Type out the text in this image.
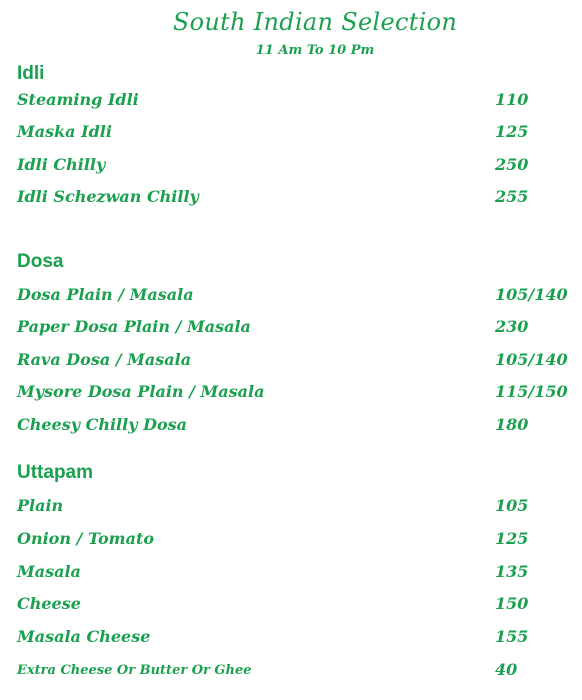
South Indian Selection
11 Am To 10 Pm
Idli
Steaming Idli	110
Maska Idli	125
Idli Chilly	250
Idli Schezwan Chilly	255
Dosa
Dosa Plain / Masala	105/140
Paper Dosa Plain / Masala	230
Rava Dosa / Masala	105/140
Mysore Dosa Plain / Masala	115/150
Cheesy Chilly Dosa	180
Uttapam
Plain	105
Onion / Tomato	125
Masala	135
Cheese	150
Masala Cheese	155
Extra Cheese Or Butter Or Ghee	40
